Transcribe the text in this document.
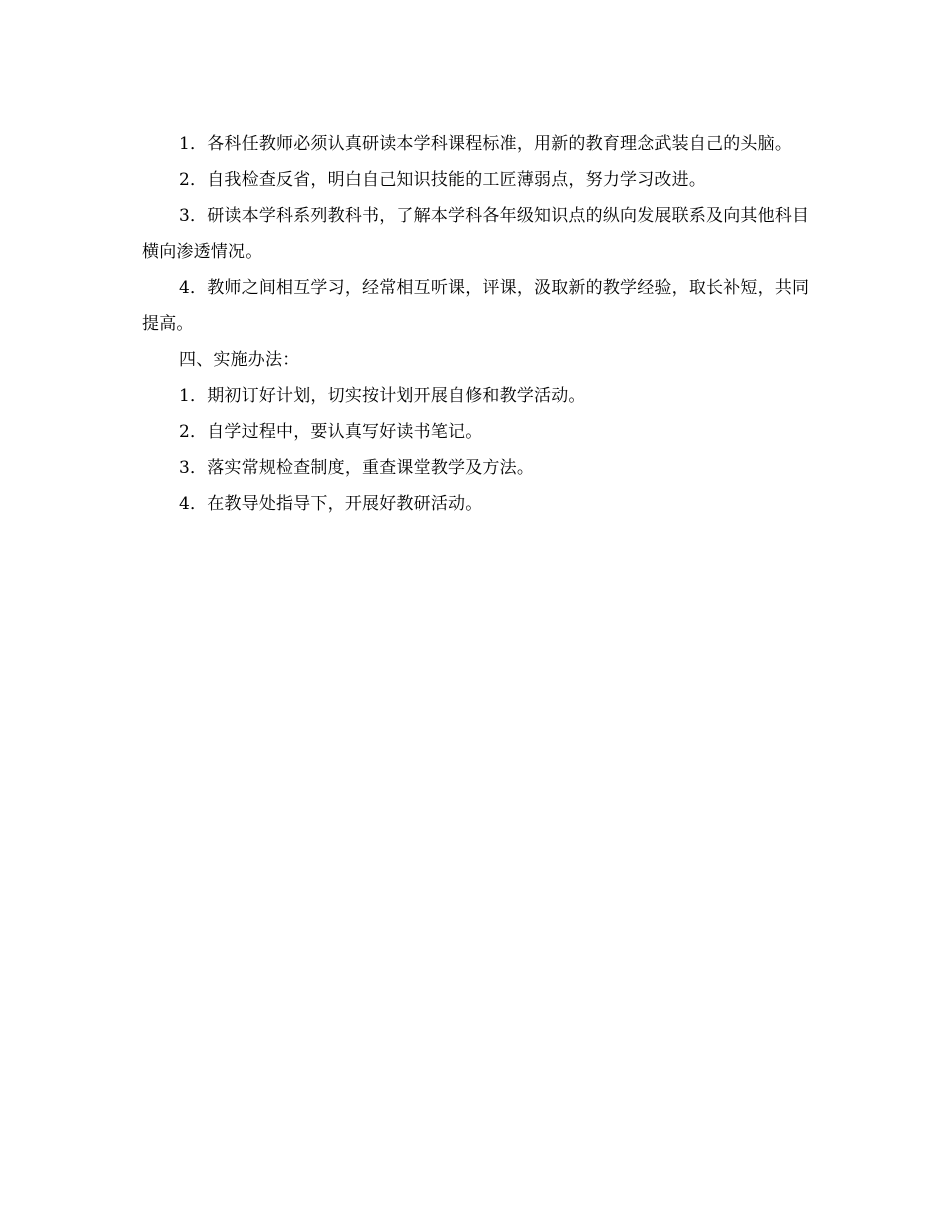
1．各科任教师必须认真研读本学科课程标准，用新的教育理念武装自己的头脑。

2．自我检查反省，明白自己知识技能的工匠薄弱点，努力学习改进。

3．研读本学科系列教科书，了解本学科各年级知识点的纵向发展联系及向其他科目横向渗透情况。

4．教师之间相互学习，经常相互听课，评课，汲取新的教学经验，取长补短，共同提高。

四、实施办法：

1．期初订好计划，切实按计划开展自修和教学活动。

2．自学过程中，要认真写好读书笔记。

3．落实常规检查制度，重查课堂教学及方法。

4．在教导处指导下，开展好教研活动。
